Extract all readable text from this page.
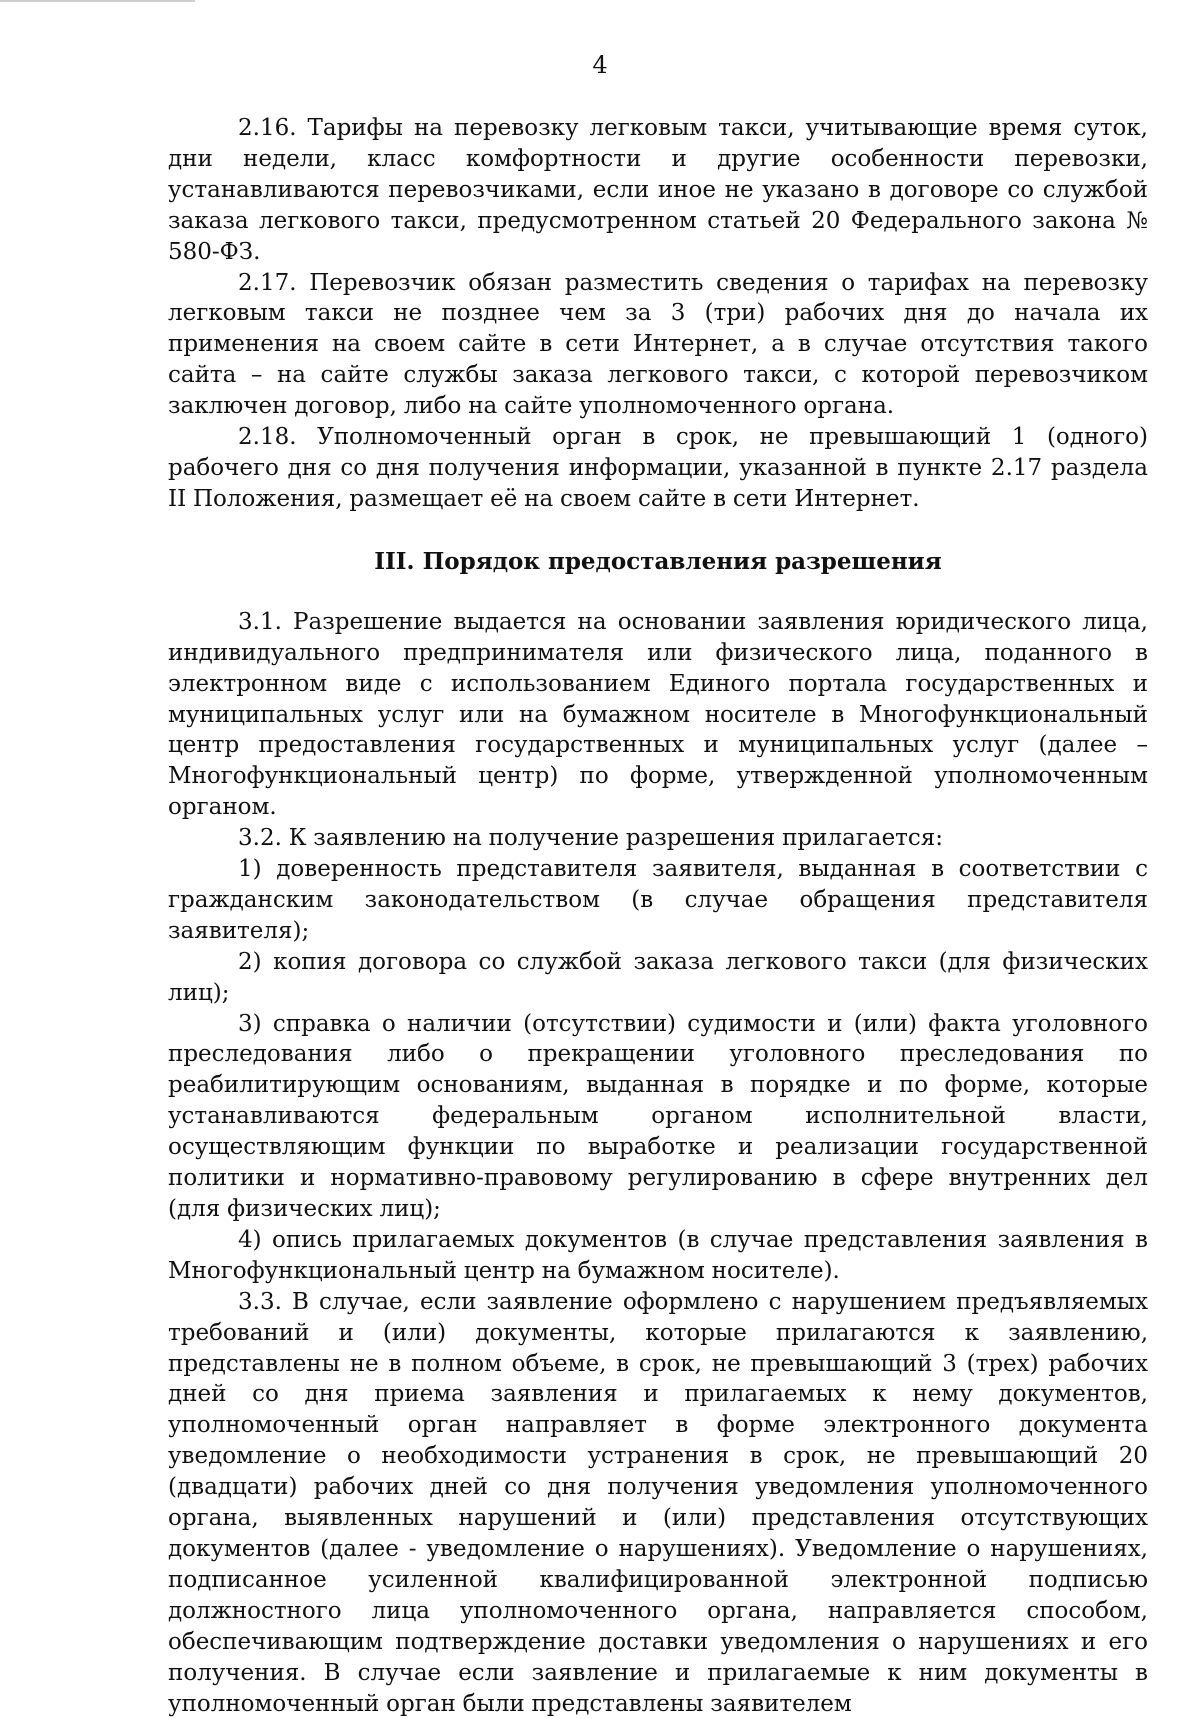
4

2.16. Тарифы на перевозку легковым такси, учитывающие время суток, дни недели, класс комфортности и другие особенности перевозки, устанавливаются перевозчиками, если иное не указано в договоре со службой заказа легкового такси, предусмотренном статьей 20 Федерального закона № 580-ФЗ.

2.17. Перевозчик обязан разместить сведения о тарифах на перевозку легковым такси не позднее чем за 3 (три) рабочих дня до начала их применения на своем сайте в сети Интернет, а в случае отсутствия такого сайта – на сайте службы заказа легкового такси, с которой перевозчиком заключен договор, либо на сайте уполномоченного органа.

2.18. Уполномоченный орган в срок, не превышающий 1 (одного) рабочего дня со дня получения информации, указанной в пункте 2.17 раздела II Положения, размещает её на своем сайте в сети Интернет.

III. Порядок предоставления разрешения

3.1. Разрешение выдается на основании заявления юридического лица, индивидуального предпринимателя или физического лица, поданного в электронном виде с использованием Единого портала государственных и муниципальных услуг или на бумажном носителе в Многофункциональный центр предоставления государственных и муниципальных услуг (далее – Многофункциональный центр) по форме, утвержденной уполномоченным органом.

3.2. К заявлению на получение разрешения прилагается:

1) доверенность представителя заявителя, выданная в соответствии с гражданским законодательством (в случае обращения представителя заявителя);

2) копия договора со службой заказа легкового такси (для физических лиц);

3) справка о наличии (отсутствии) судимости и (или) факта уголовного преследования либо о прекращении уголовного преследования по реабилитирующим основаниям, выданная в порядке и по форме, которые устанавливаются федеральным органом исполнительной власти, осуществляющим функции по выработке и реализации государственной политики и нормативно-правовому регулированию в сфере внутренних дел (для физических лиц);

4) опись прилагаемых документов (в случае представления заявления в Многофункциональный центр на бумажном носителе).

3.3. В случае, если заявление оформлено с нарушением предъявляемых требований и (или) документы, которые прилагаются к заявлению, представлены не в полном объеме, в срок, не превышающий 3 (трех) рабочих дней со дня приема заявления и прилагаемых к нему документов, уполномоченный орган направляет в форме электронного документа уведомление о необходимости устранения в срок, не превышающий 20 (двадцати) рабочих дней со дня получения уведомления уполномоченного органа, выявленных нарушений и (или) представления отсутствующих документов (далее - уведомление о нарушениях). Уведомление о нарушениях, подписанное усиленной квалифицированной электронной подписью должностного лица уполномоченного органа, направляется способом, обеспечивающим подтверждение доставки уведомления о нарушениях и его получения. В случае если заявление и прилагаемые к ним документы в уполномоченный орган были представлены заявителем
